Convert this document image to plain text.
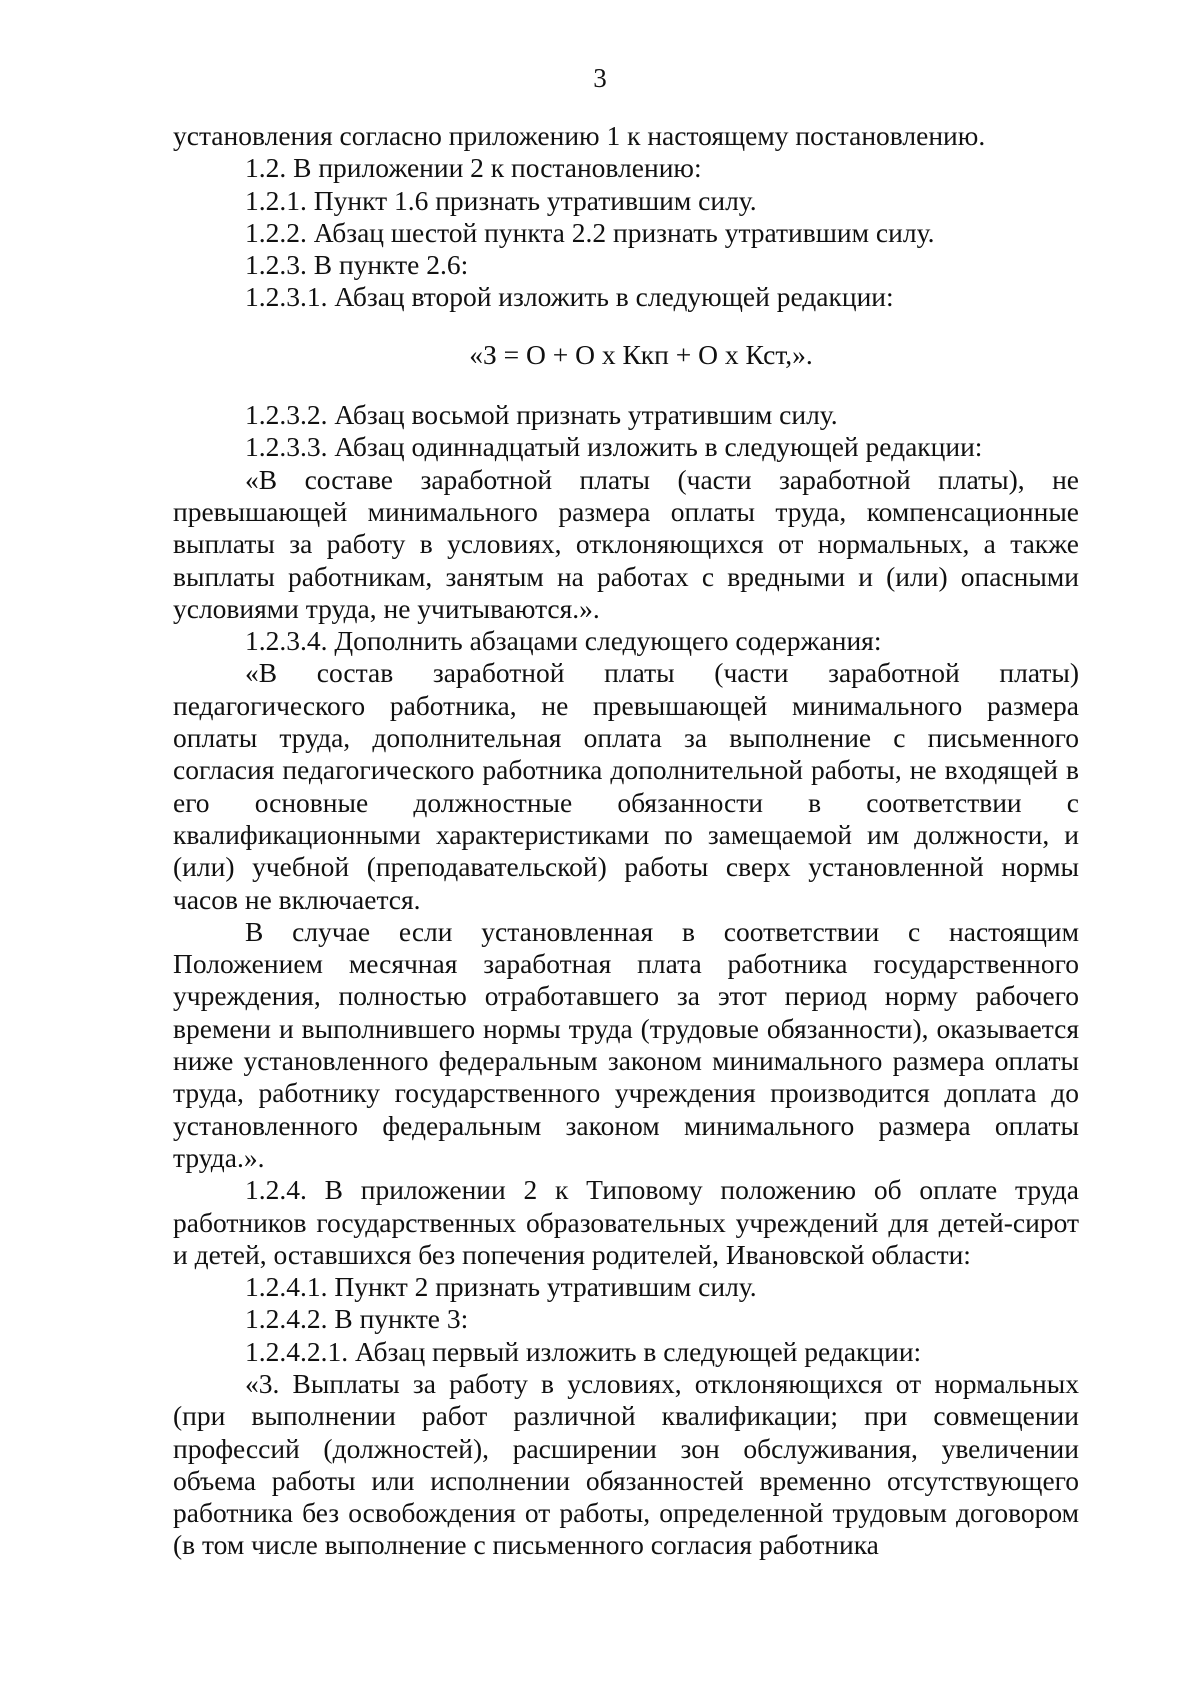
3

установления согласно приложению 1 к настоящему постановлению.

1.2. В приложении 2 к постановлению:

1.2.1. Пункт 1.6 признать утратившим силу.

1.2.2. Абзац шестой пункта 2.2 признать утратившим силу.

1.2.3. В пункте 2.6:

1.2.3.1. Абзац второй изложить в следующей редакции:

«З = О + О х Ккп + О х Кст,».

1.2.3.2. Абзац восьмой признать утратившим силу.

1.2.3.3. Абзац одиннадцатый изложить в следующей редакции:

«В составе заработной платы (части заработной платы), не превышающей минимального размера оплаты труда, компенсационные выплаты за работу в условиях, отклоняющихся от нормальных, а также выплаты работникам, занятым на работах с вредными и (или) опасными условиями труда, не учитываются.».

1.2.3.4. Дополнить абзацами следующего содержания:

«В состав заработной платы (части заработной платы) педагогического работника, не превышающей минимального размера оплаты труда, дополнительная оплата за выполнение с письменного согласия педагогического работника дополнительной работы, не входящей в его основные должностные обязанности в соответствии с квалификационными характеристиками по замещаемой им должности, и (или) учебной (преподавательской) работы сверх установленной нормы часов не включается.

В случае если установленная в соответствии с настоящим Положением месячная заработная плата работника государственного учреждения, полностью отработавшего за этот период норму рабочего времени и выполнившего нормы труда (трудовые обязанности), оказывается ниже установленного федеральным законом минимального размера оплаты труда, работнику государственного учреждения производится доплата до установленного федеральным законом минимального размера оплаты труда.».

1.2.4. В приложении 2 к Типовому положению об оплате труда работников государственных образовательных учреждений для детей-сирот и детей, оставшихся без попечения родителей, Ивановской области:

1.2.4.1. Пункт 2 признать утратившим силу.

1.2.4.2. В пункте 3:

1.2.4.2.1. Абзац первый изложить в следующей редакции:

«3. Выплаты за работу в условиях, отклоняющихся от нормальных (при выполнении работ различной квалификации; при совмещении профессий (должностей), расширении зон обслуживания, увеличении объема работы или исполнении обязанностей временно отсутствующего работника без освобождения от работы, определенной трудовым договором (в том числе выполнение с письменного согласия работника
